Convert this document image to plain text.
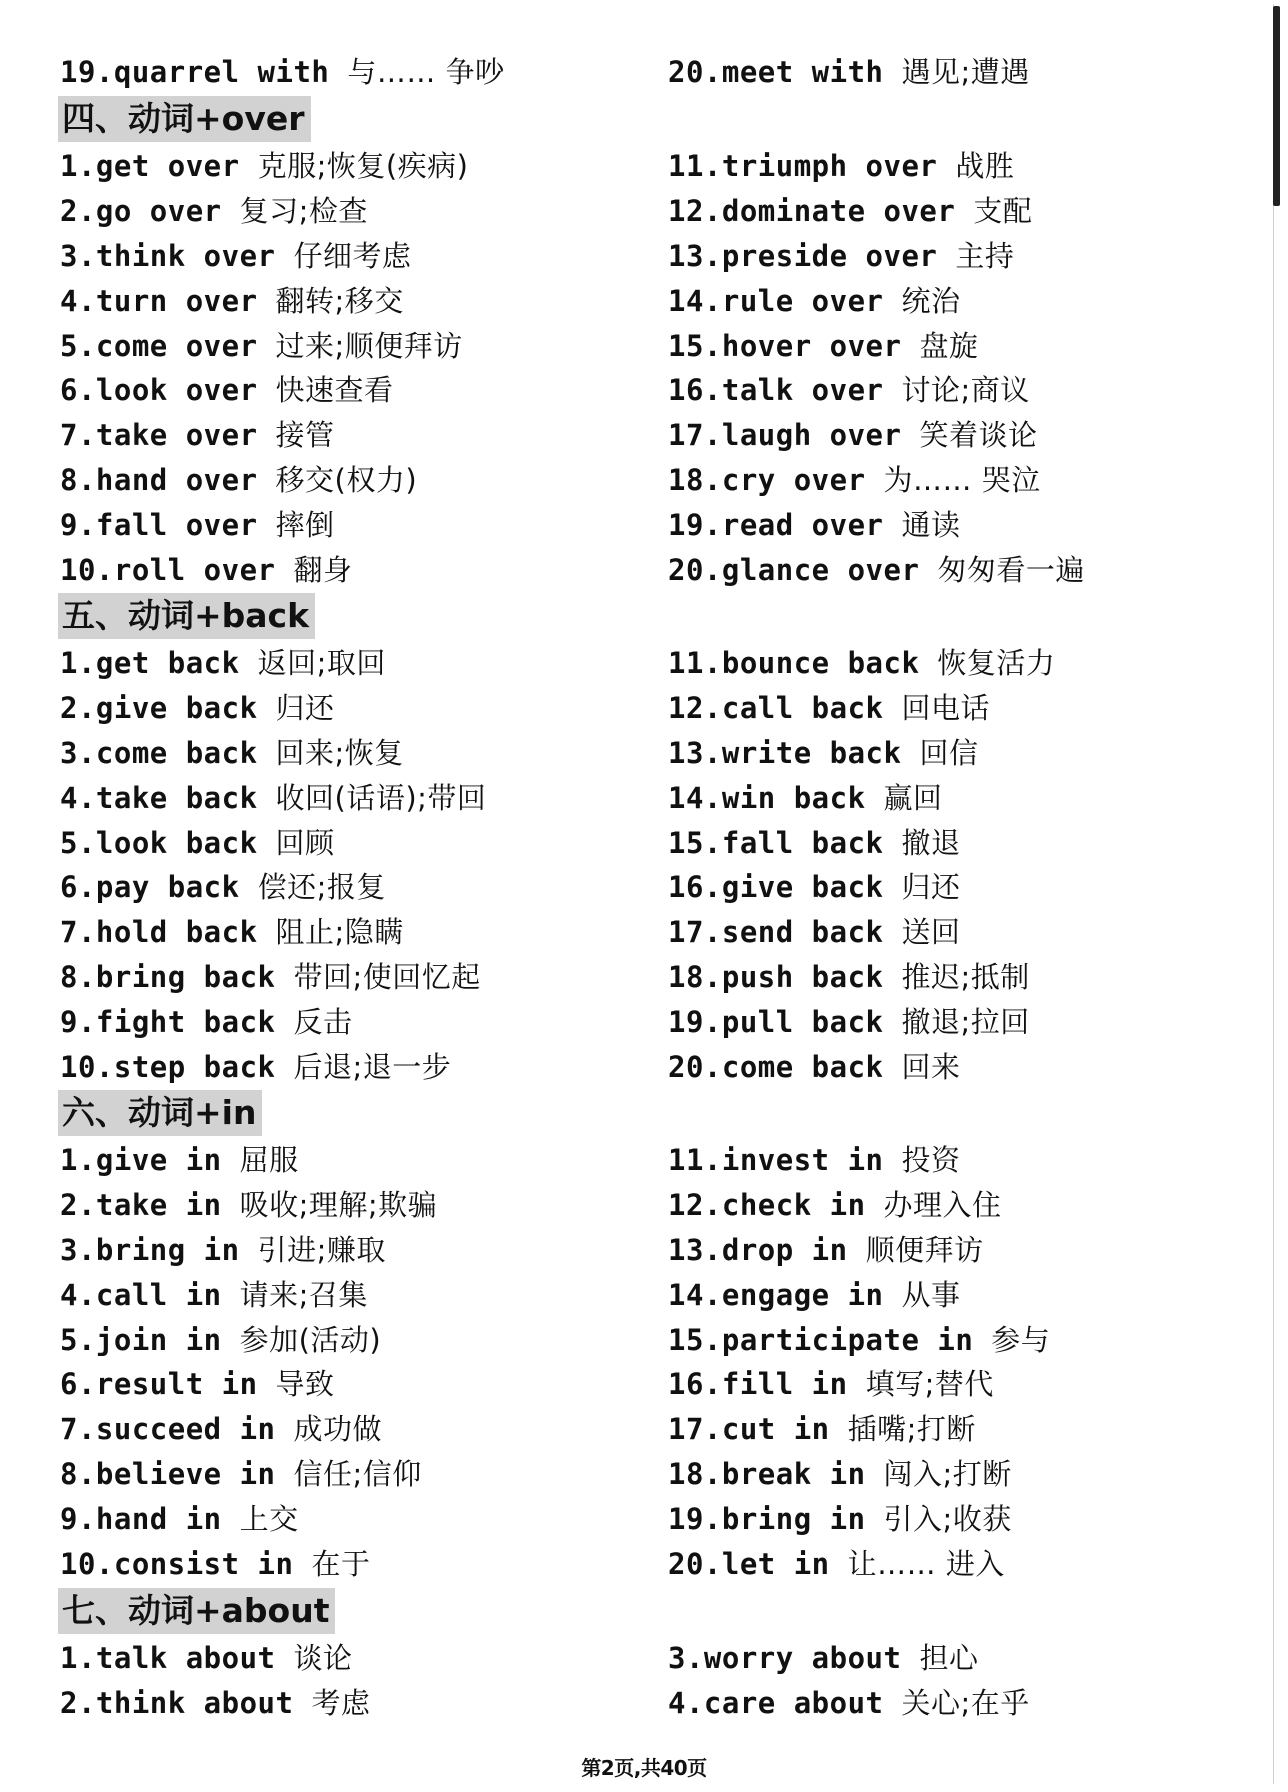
19.quarrel with 与…… 争吵	20.meet with 遇见;遭遇
四、动词+over
1.get over 克服;恢复(疾病)
2.go over 复习;检查
3.think over 仔细考虑
4.turn over 翻转;移交
5.come over 过来;顺便拜访
6.look over 快速查看
7.take over 接管
8.hand over 移交(权力)
9.fall over 摔倒
10.roll over 翻身
11.triumph over 战胜
12.dominate over 支配
13.preside over 主持
14.rule over 统治
15.hover over 盘旋
16.talk over 讨论;商议
17.laugh over 笑着谈论
18.cry over 为…… 哭泣
19.read over 通读
20.glance over 匆匆看一遍
五、动词+back
1.get back 返回;取回
2.give back 归还
3.come back 回来;恢复
4.take back 收回(话语);带回
5.look back 回顾
6.pay back 偿还;报复
7.hold back 阻止;隐瞒
8.bring back 带回;使回忆起
9.fight back 反击
10.step back 后退;退一步
11.bounce back 恢复活力
12.call back 回电话
13.write back 回信
14.win back 赢回
15.fall back 撤退
16.give back 归还
17.send back 送回
18.push back 推迟;抵制
19.pull back 撤退;拉回
20.come back 回来
六、动词+in
1.give in 屈服
2.take in 吸收;理解;欺骗
3.bring in 引进;赚取
4.call in 请来;召集
5.join in 参加(活动)
6.result in 导致
7.succeed in 成功做
8.believe in 信任;信仰
9.hand in 上交
10.consist in 在于
11.invest in 投资
12.check in 办理入住
13.drop in 顺便拜访
14.engage in 从事
15.participate in 参与
16.fill in 填写;替代
17.cut in 插嘴;打断
18.break in 闯入;打断
19.bring in 引入;收获
20.let in 让…… 进入
七、动词+about
1.talk about 谈论
2.think about 考虑
3.worry about 担心
4.care about 关心;在乎
第2页,共40页
